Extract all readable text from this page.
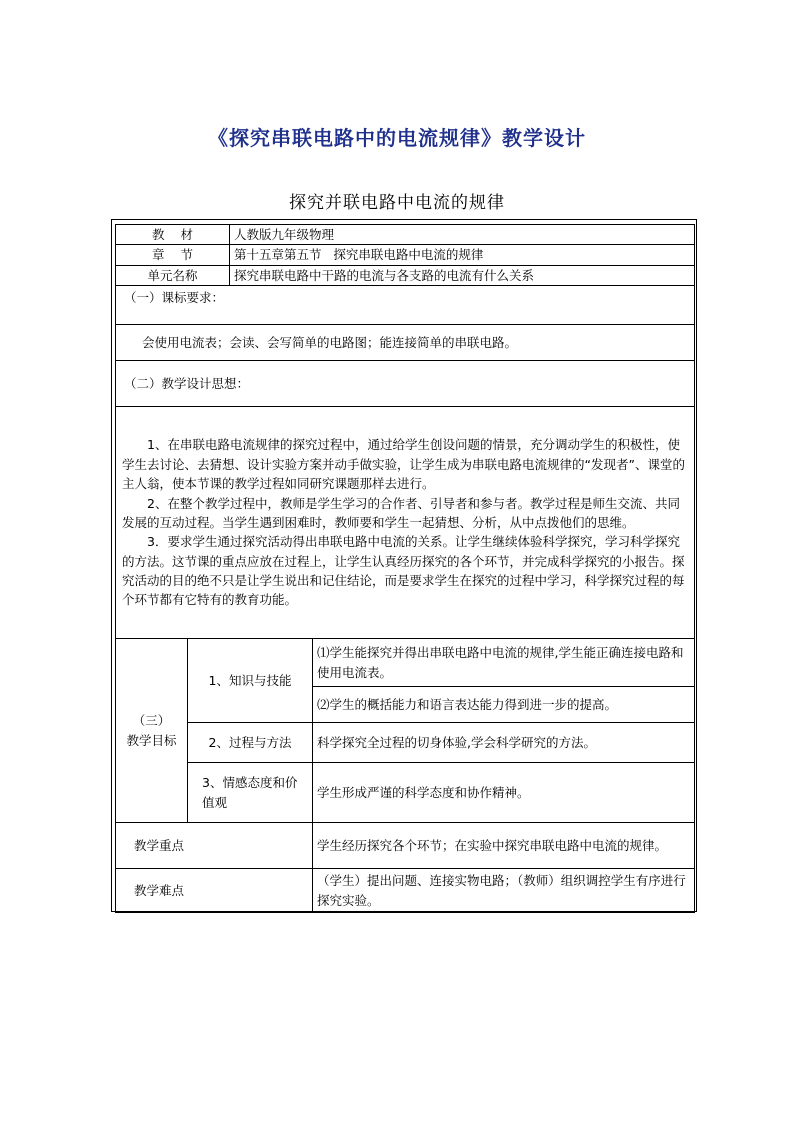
《探究串联电路中的电流规律》教学设计
探究并联电路中电流的规律
教    材		人教版九年级物理	
章    节		第十五章第五节   探究串联电路中电流的规律	
单元名称		探究串联电路中干路的电流与各支路的电流有什么关系	
（一）课标要求：			
会使用电流表；会读、会写简单的电路图；能连接简单的串联电路。			
（二）教学设计思想：			

1、在串联电路电流规律的探究过程中，通过给学生创设问题的情景，充分调动学生的积极性，使学生去讨论、去猜想、设计实验方案并动手做实验，让学生成为串联电路电流规律的“发现者”、课堂的主人翁，使本节课的教学过程如同研究课题那样去进行。

2、在整个教学过程中，教师是学生学习的合作者、引导者和参与者。教学过程是师生交流、共同发展的互动过程。当学生遇到困难时，教师要和学生一起猜想、分析，从中点拨他们的思维。

3．要求学生通过探究活动得出串联电路中电流的关系。让学生继续体验科学探究，学习科学探究的方法。这节课的重点应放在过程上，让学生认真经历探究的各个环节，并完成科学探究的小报告。探究活动的目的绝不只是让学生说出和记住结论，而是要求学生在探究的过程中学习，科学探究过程的每个环节都有它特有的教育功能。			

（三）
教学目标	1、知识与技能		⑴学生能探究并得出串联电路中电流的规律,学生能正确连接电路和使用电流表。
			⑵学生的概括能力和语言表达能力得到进一步的提高。
	2、过程与方法		科学探究全过程的切身体验,学会科学研究的方法。
	3、情感态度和价值观		学生形成严谨的科学态度和协作精神。
教学重点			学生经历探究各个环节；在实验中探究串联电路中电流的规律。
教学难点			（学生）提出问题、连接实物电路；（教师）组织调控学生有序进行探究实验。
